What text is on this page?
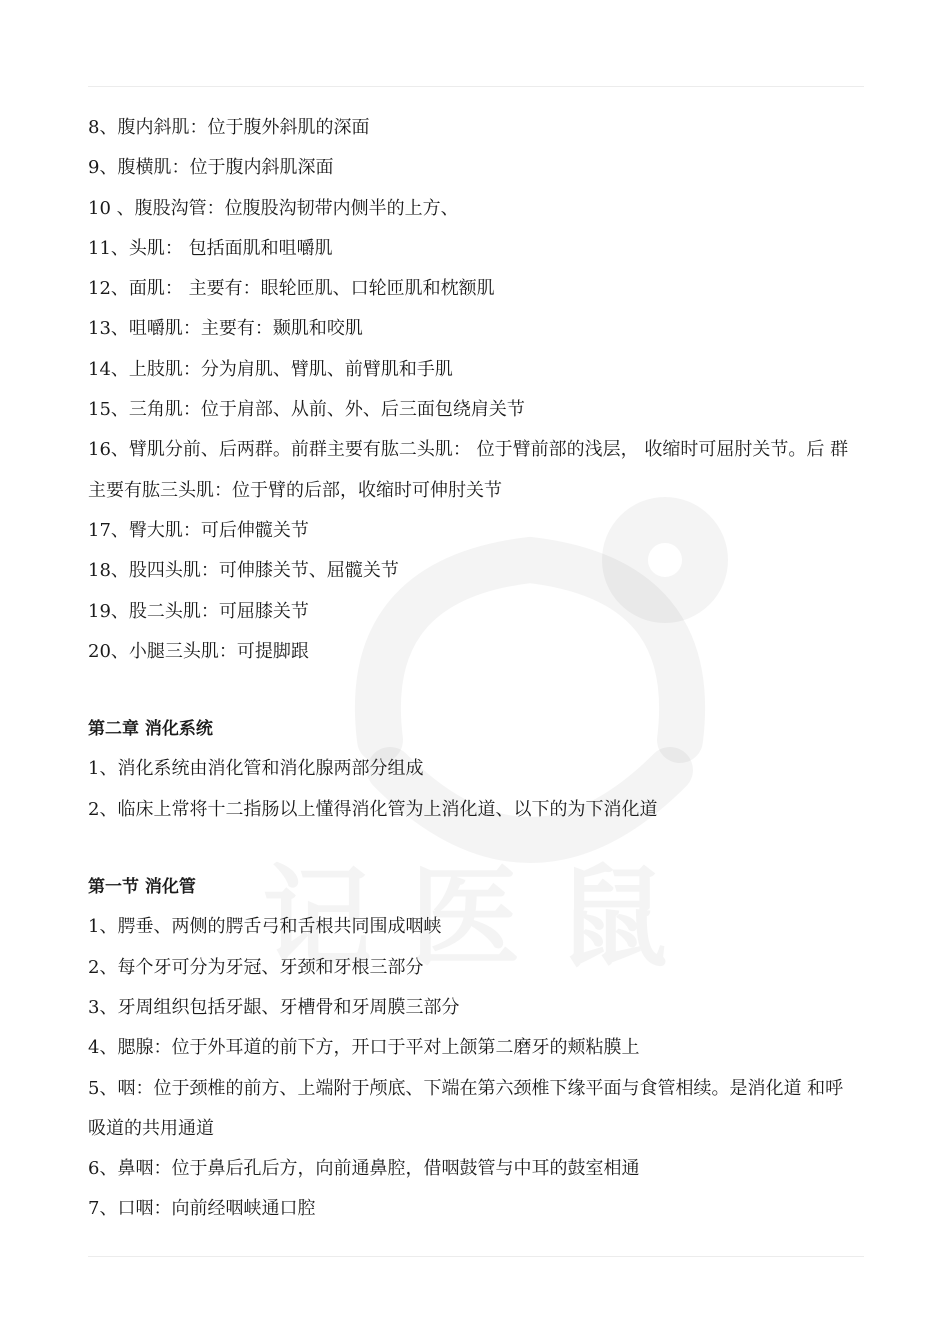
8、腹内斜肌：位于腹外斜肌的深面

9、腹横肌：位于腹内斜肌深面

10 、腹股沟管：位腹股沟韧带内侧半的上方、

11、头肌： 包括面肌和咀嚼肌

12、面肌： 主要有：眼轮匝肌、口轮匝肌和枕额肌

13、咀嚼肌：主要有：颞肌和咬肌

14、上肢肌：分为肩肌、臂肌、前臂肌和手肌

15、三角肌：位于肩部、从前、外、后三面包绕肩关节

16、臂肌分前、后两群。前群主要有肱二头肌： 位于臂前部的浅层， 收缩时可屈肘关节。后 群主要有肱三头肌：位于臂的后部，收缩时可伸肘关节

17、臀大肌：可后伸髋关节

18、股四头肌：可伸膝关节、屈髋关节

19、股二头肌：可屈膝关节

20、小腿三头肌：可提脚跟

第二章 消化系统

1、消化系统由消化管和消化腺两部分组成

2、临床上常将十二指肠以上懂得消化管为上消化道、以下的为下消化道

第一节 消化管

1、腭垂、两侧的腭舌弓和舌根共同围成咽峡

2、每个牙可分为牙冠、牙颈和牙根三部分

3、牙周组织包括牙龈、牙槽骨和牙周膜三部分

4、腮腺：位于外耳道的前下方，开口于平对上颌第二磨牙的颊粘膜上

5、咽：位于颈椎的前方、上端附于颅底、下端在第六颈椎下缘平面与食管相续。是消化道 和呼吸道的共用通道

6、鼻咽：位于鼻后孔后方，向前通鼻腔，借咽鼓管与中耳的鼓室相通

7、口咽：向前经咽峡通口腔
